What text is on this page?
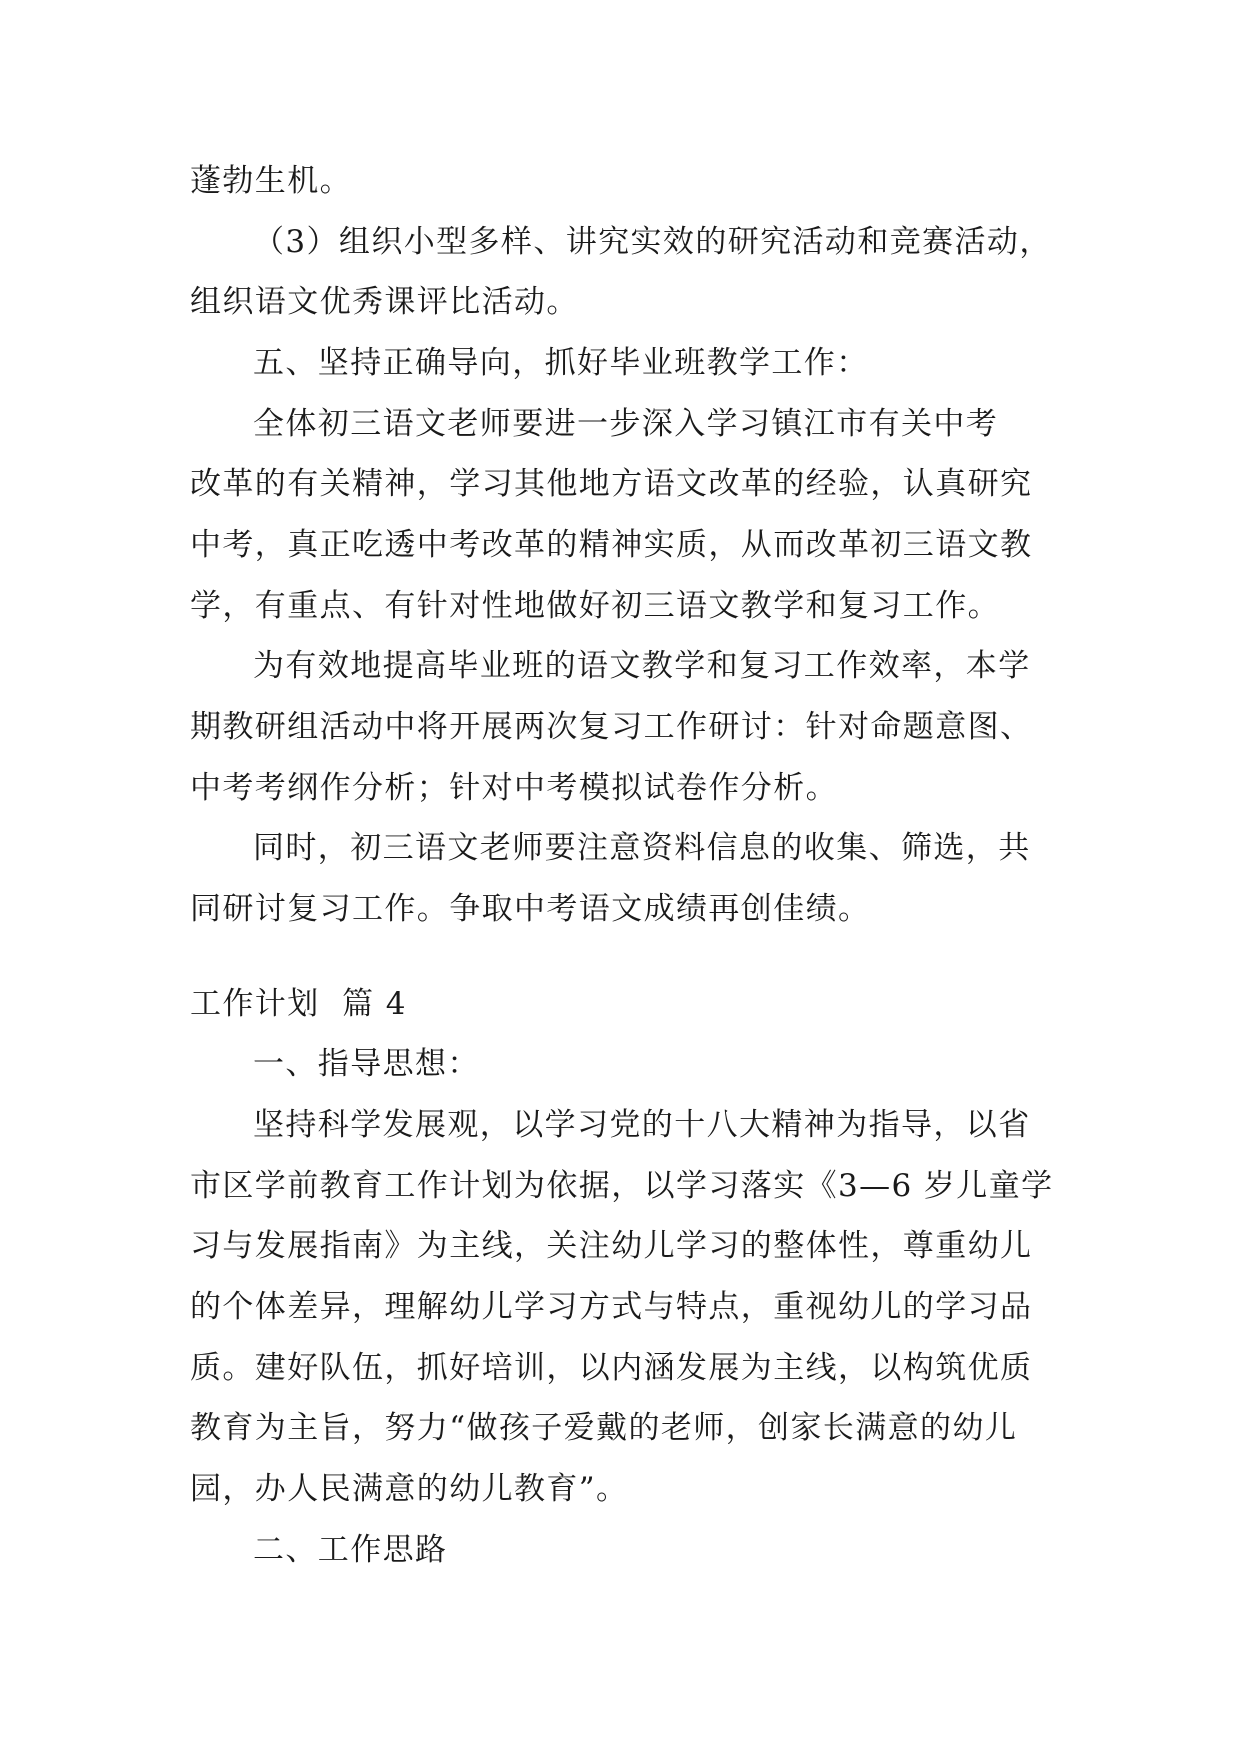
蓬勃生机。

（3）组织小型多样、讲究实效的研究活动和竞赛活动，

组织语文优秀课评比活动。

五、坚持正确导向，抓好毕业班教学工作：

全体初三语文老师要进一步深入学习镇江市有关中考

改革的有关精神，学习其他地方语文改革的经验，认真研究

中考，真正吃透中考改革的精神实质，从而改革初三语文教

学，有重点、有针对性地做好初三语文教学和复习工作。

为有效地提高毕业班的语文教学和复习工作效率，本学

期教研组活动中将开展两次复习工作研讨：针对命题意图、

中考考纲作分析；针对中考模拟试卷作分析。

同时，初三语文老师要注意资料信息的收集、筛选，共

同研讨复习工作。争取中考语文成绩再创佳绩。

工作计划  篇 4

一、指导思想：

坚持科学发展观，以学习党的十八大精神为指导，以省

市区学前教育工作计划为依据，以学习落实《3—6 岁儿童学

习与发展指南》为主线，关注幼儿学习的整体性，尊重幼儿

的个体差异，理解幼儿学习方式与特点，重视幼儿的学习品

质。建好队伍，抓好培训，以内涵发展为主线，以构筑优质

教育为主旨，努力“做孩子爱戴的老师，创家长满意的幼儿

园，办人民满意的幼儿教育”。

二、工作思路
